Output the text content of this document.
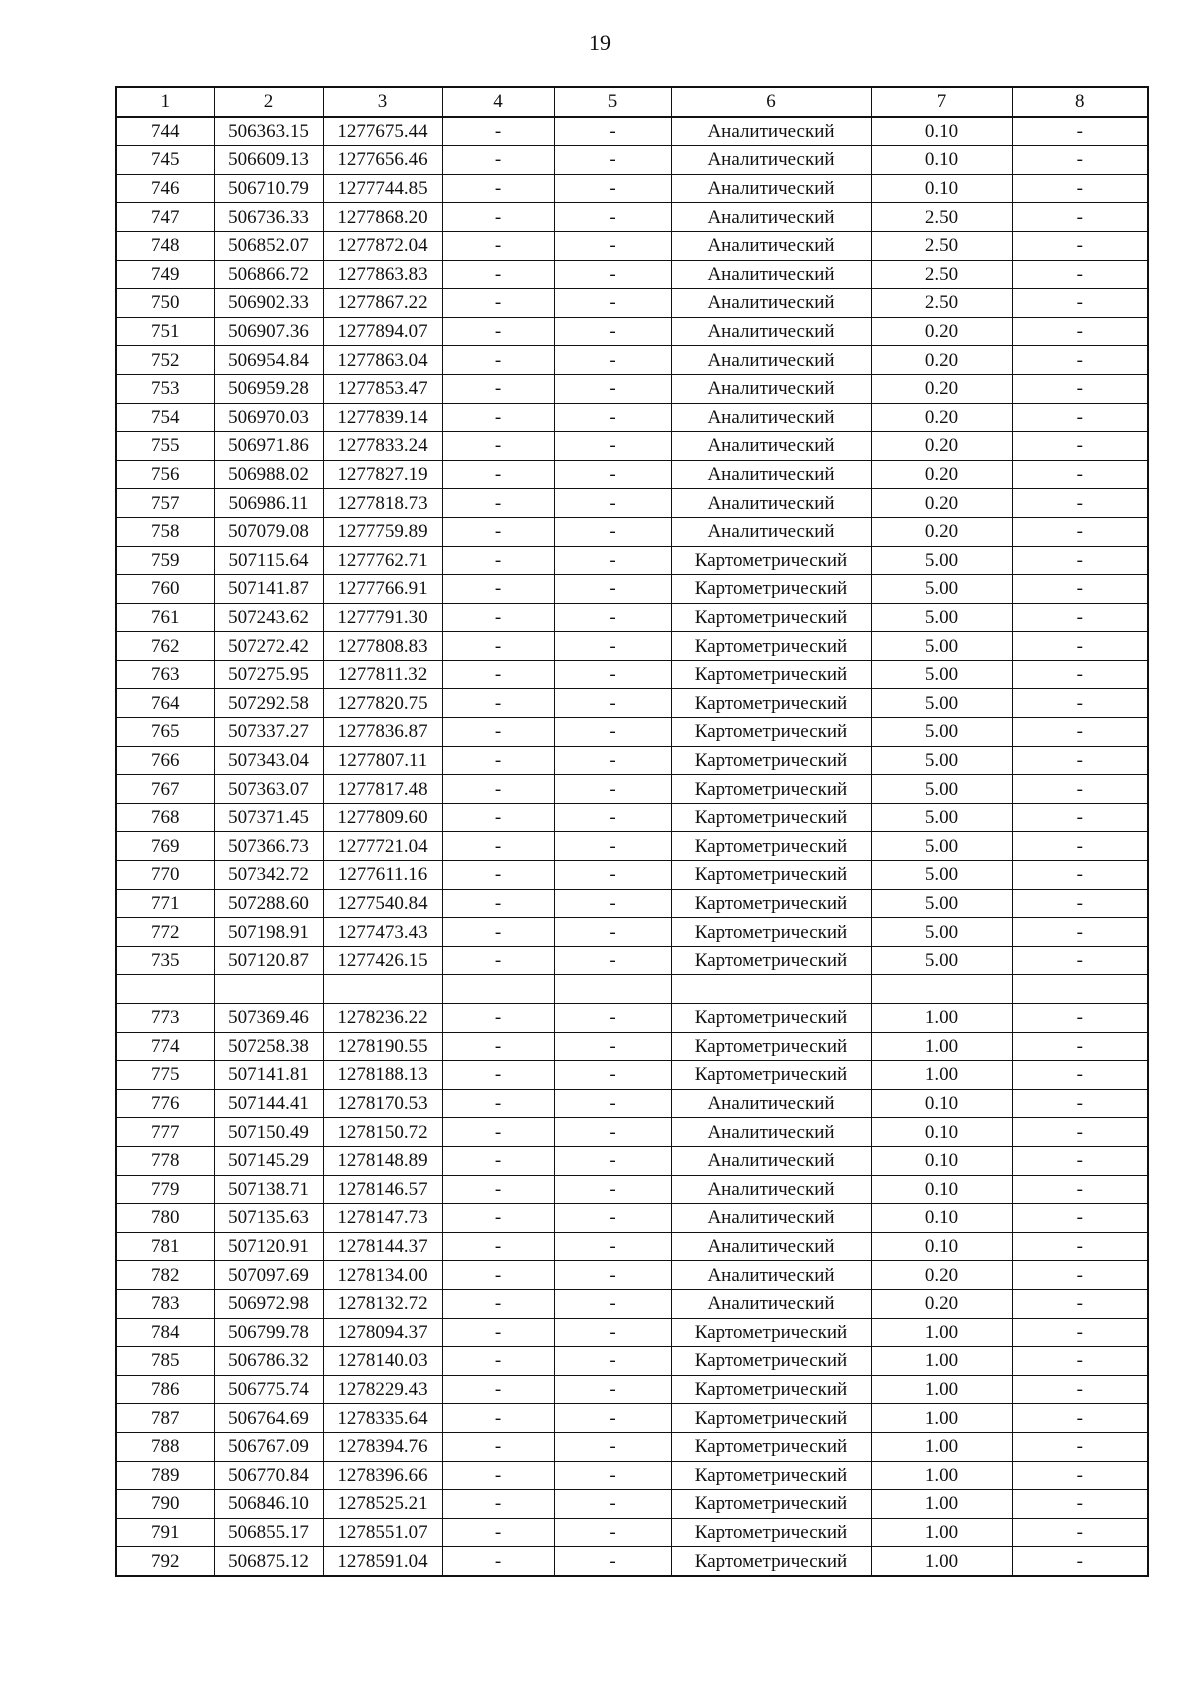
19
1	2	3	4	5	6	7	8
744	506363.15	1277675.44	-	-	Аналитический	0.10	-
745	506609.13	1277656.46	-	-	Аналитический	0.10	-
746	506710.79	1277744.85	-	-	Аналитический	0.10	-
747	506736.33	1277868.20	-	-	Аналитический	2.50	-
748	506852.07	1277872.04	-	-	Аналитический	2.50	-
749	506866.72	1277863.83	-	-	Аналитический	2.50	-
750	506902.33	1277867.22	-	-	Аналитический	2.50	-
751	506907.36	1277894.07	-	-	Аналитический	0.20	-
752	506954.84	1277863.04	-	-	Аналитический	0.20	-
753	506959.28	1277853.47	-	-	Аналитический	0.20	-
754	506970.03	1277839.14	-	-	Аналитический	0.20	-
755	506971.86	1277833.24	-	-	Аналитический	0.20	-
756	506988.02	1277827.19	-	-	Аналитический	0.20	-
757	506986.11	1277818.73	-	-	Аналитический	0.20	-
758	507079.08	1277759.89	-	-	Аналитический	0.20	-
759	507115.64	1277762.71	-	-	Картометрический	5.00	-
760	507141.87	1277766.91	-	-	Картометрический	5.00	-
761	507243.62	1277791.30	-	-	Картометрический	5.00	-
762	507272.42	1277808.83	-	-	Картометрический	5.00	-
763	507275.95	1277811.32	-	-	Картометрический	5.00	-
764	507292.58	1277820.75	-	-	Картометрический	5.00	-
765	507337.27	1277836.87	-	-	Картометрический	5.00	-
766	507343.04	1277807.11	-	-	Картометрический	5.00	-
767	507363.07	1277817.48	-	-	Картометрический	5.00	-
768	507371.45	1277809.60	-	-	Картометрический	5.00	-
769	507366.73	1277721.04	-	-	Картометрический	5.00	-
770	507342.72	1277611.16	-	-	Картометрический	5.00	-
771	507288.60	1277540.84	-	-	Картометрический	5.00	-
772	507198.91	1277473.43	-	-	Картометрический	5.00	-
735	507120.87	1277426.15	-	-	Картометрический	5.00	-

773	507369.46	1278236.22	-	-	Картометрический	1.00	-
774	507258.38	1278190.55	-	-	Картометрический	1.00	-
775	507141.81	1278188.13	-	-	Картометрический	1.00	-
776	507144.41	1278170.53	-	-	Аналитический	0.10	-
777	507150.49	1278150.72	-	-	Аналитический	0.10	-
778	507145.29	1278148.89	-	-	Аналитический	0.10	-
779	507138.71	1278146.57	-	-	Аналитический	0.10	-
780	507135.63	1278147.73	-	-	Аналитический	0.10	-
781	507120.91	1278144.37	-	-	Аналитический	0.10	-
782	507097.69	1278134.00	-	-	Аналитический	0.20	-
783	506972.98	1278132.72	-	-	Аналитический	0.20	-
784	506799.78	1278094.37	-	-	Картометрический	1.00	-
785	506786.32	1278140.03	-	-	Картометрический	1.00	-
786	506775.74	1278229.43	-	-	Картометрический	1.00	-
787	506764.69	1278335.64	-	-	Картометрический	1.00	-
788	506767.09	1278394.76	-	-	Картометрический	1.00	-
789	506770.84	1278396.66	-	-	Картометрический	1.00	-
790	506846.10	1278525.21	-	-	Картометрический	1.00	-
791	506855.17	1278551.07	-	-	Картометрический	1.00	-
792	506875.12	1278591.04	-	-	Картометрический	1.00	-
